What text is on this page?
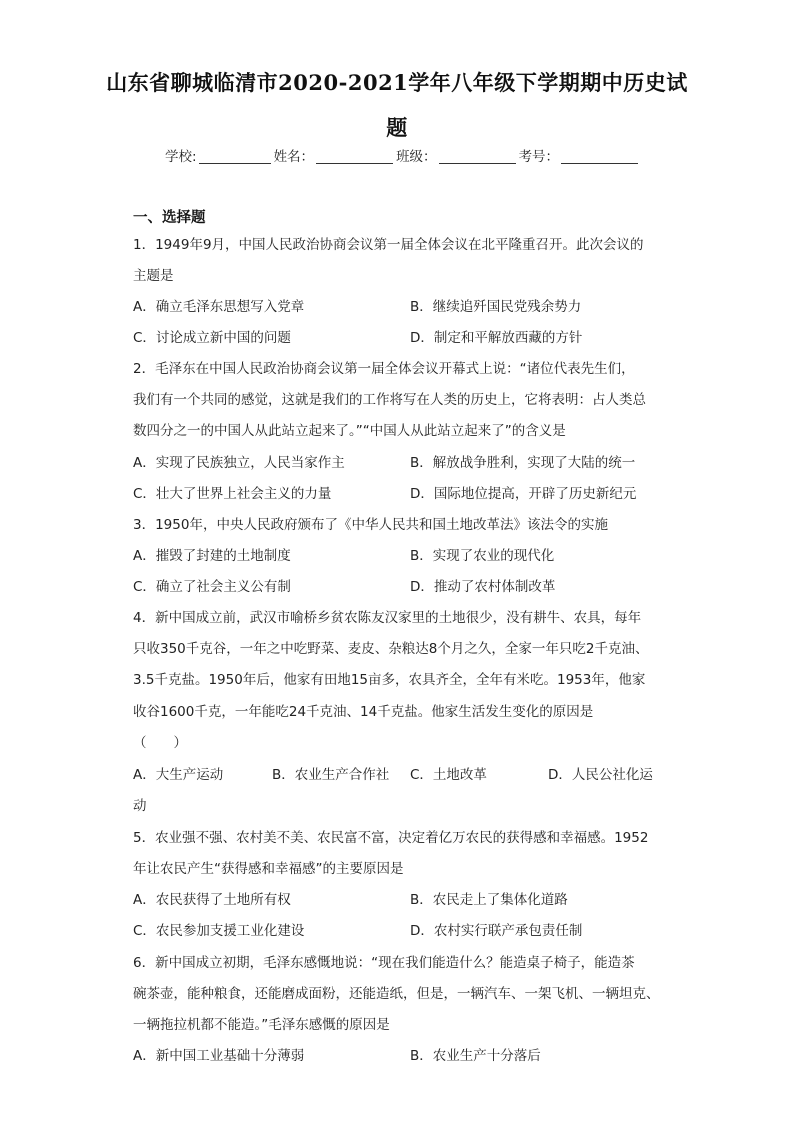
山东省聊城临清市2020-2021学年八年级下学期期中历史试
题
学校:	姓名：	班级：	考号：
一、选择题
1．1949年9月，中国人民政治协商会议第一届全体会议在北平隆重召开。此次会议的
主题是
A．确立毛泽东思想写入党章	B．继续追歼国民党残余势力
C．讨论成立新中国的问题	D．制定和平解放西藏的方针
2．毛泽东在中国人民政治协商会议第一届全体会议开幕式上说：“诸位代表先生们，
我们有一个共同的感觉，这就是我们的工作将写在人类的历史上，它将表明：占人类总
数四分之一的中国人从此站立起来了。”“中国人从此站立起来了”的含义是
A．实现了民族独立，人民当家作主	B．解放战争胜利，实现了大陆的统一
C．壮大了世界上社会主义的力量	D．国际地位提高，开辟了历史新纪元
3．1950年，中央人民政府颁布了《中华人民共和国土地改革法》该法令的实施
A．摧毁了封建的土地制度	B．实现了农业的现代化
C．确立了社会主义公有制	D．推动了农村体制改革
4．新中国成立前，武汉市喻桥乡贫农陈友汉家里的土地很少，没有耕牛、农具，每年
只收350千克谷，一年之中吃野菜、麦皮、杂粮达8个月之久，全家一年只吃2千克油、
3.5千克盐。1950年后，他家有田地15亩多，农具齐全，全年有米吃。1953年，他家
收谷1600千克，一年能吃24千克油、14千克盐。他家生活发生变化的原因是
（　　）
A．大生产运动	B．农业生产合作社 C．土地改革	D．人民公社化运
动
5．农业强不强、农村美不美、农民富不富，决定着亿万农民的获得感和幸福感。1952
年让农民产生“获得感和幸福感”的主要原因是
A．农民获得了土地所有权	B．农民走上了集体化道路
C．农民参加支援工业化建设	D．农村实行联产承包责任制
6．新中国成立初期，毛泽东感慨地说：“现在我们能造什么？能造桌子椅子，能造茶
碗茶壶，能种粮食，还能磨成面粉，还能造纸，但是，一辆汽车、一架飞机、一辆坦克、
一辆拖拉机都不能造。”毛泽东感慨的原因是
A．新中国工业基础十分薄弱	B．农业生产十分落后
